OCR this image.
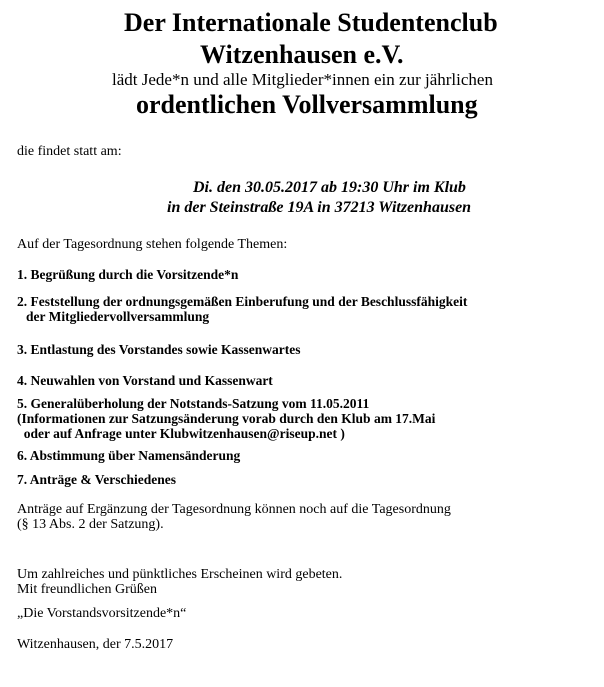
Der Internationale Studentenclub
Witzenhausen e.V.
lädt Jede*n und alle Mitglieder*innen ein zur jährlichen
ordentlichen Vollversammlung
die findet statt am:
Di. den 30.05.2017 ab 19:30 Uhr im Klub
in der Steinstraße 19A in 37213 Witzenhausen
Auf der Tagesordnung stehen folgende Themen:
1. Begrüßung durch die Vorsitzende*n
2. Feststellung der ordnungsgemäßen Einberufung und der Beschlussfähigkeit
der Mitgliedervollversammlung
3. Entlastung des Vorstandes sowie Kassenwartes
4. Neuwahlen von Vorstand und Kassenwart
5. Generalüberholung der Notstands-Satzung vom 11.05.2011
(Informationen zur Satzungsänderung vorab durch den Klub am 17.Mai
oder auf Anfrage unter Klubwitzenhausen@riseup.net )
6. Abstimmung über Namensänderung
7. Anträge & Verschiedenes
Anträge auf Ergänzung der Tagesordnung können noch auf die Tagesordnung
(§ 13 Abs. 2 der Satzung).
Um zahlreiches und pünktliches Erscheinen wird gebeten.
Mit freundlichen Grüßen
„Die Vorstandsvorsitzende*n“
Witzenhausen, der 7.5.2017
